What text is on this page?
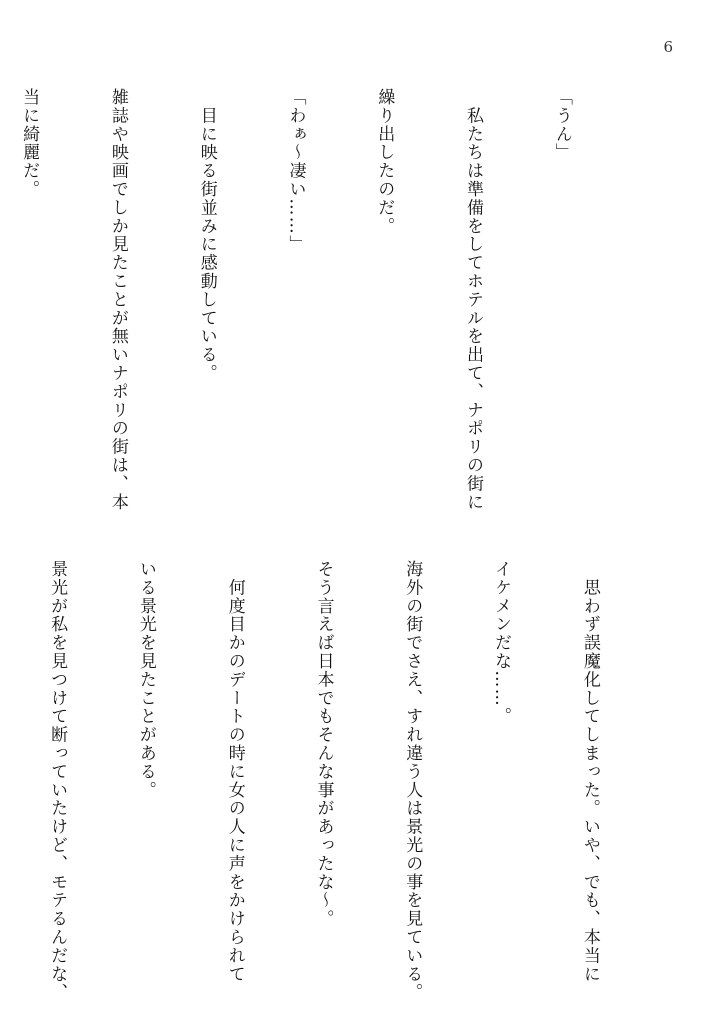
6

「うん」

　私たちは準備をしてホテルを出て、ナポリの街に

繰り出したのだ。

「わぁ～凄い……」

　目に映る街並みに感動している。

雑誌や映画でしか見たことが無いナポリの街は、本

当に綺麗だ。

　思わず誤魔化してしまった。いや、でも、本当に

イケメンだな……。

海外の街でさえ、すれ違う人は景光の事を見ている。

そう言えば日本でもそんな事があったな～。

　何度目かのデートの時に女の人に声をかけられて

いる景光を見たことがある。

景光が私を見つけて断っていたけど、モテるんだな、
